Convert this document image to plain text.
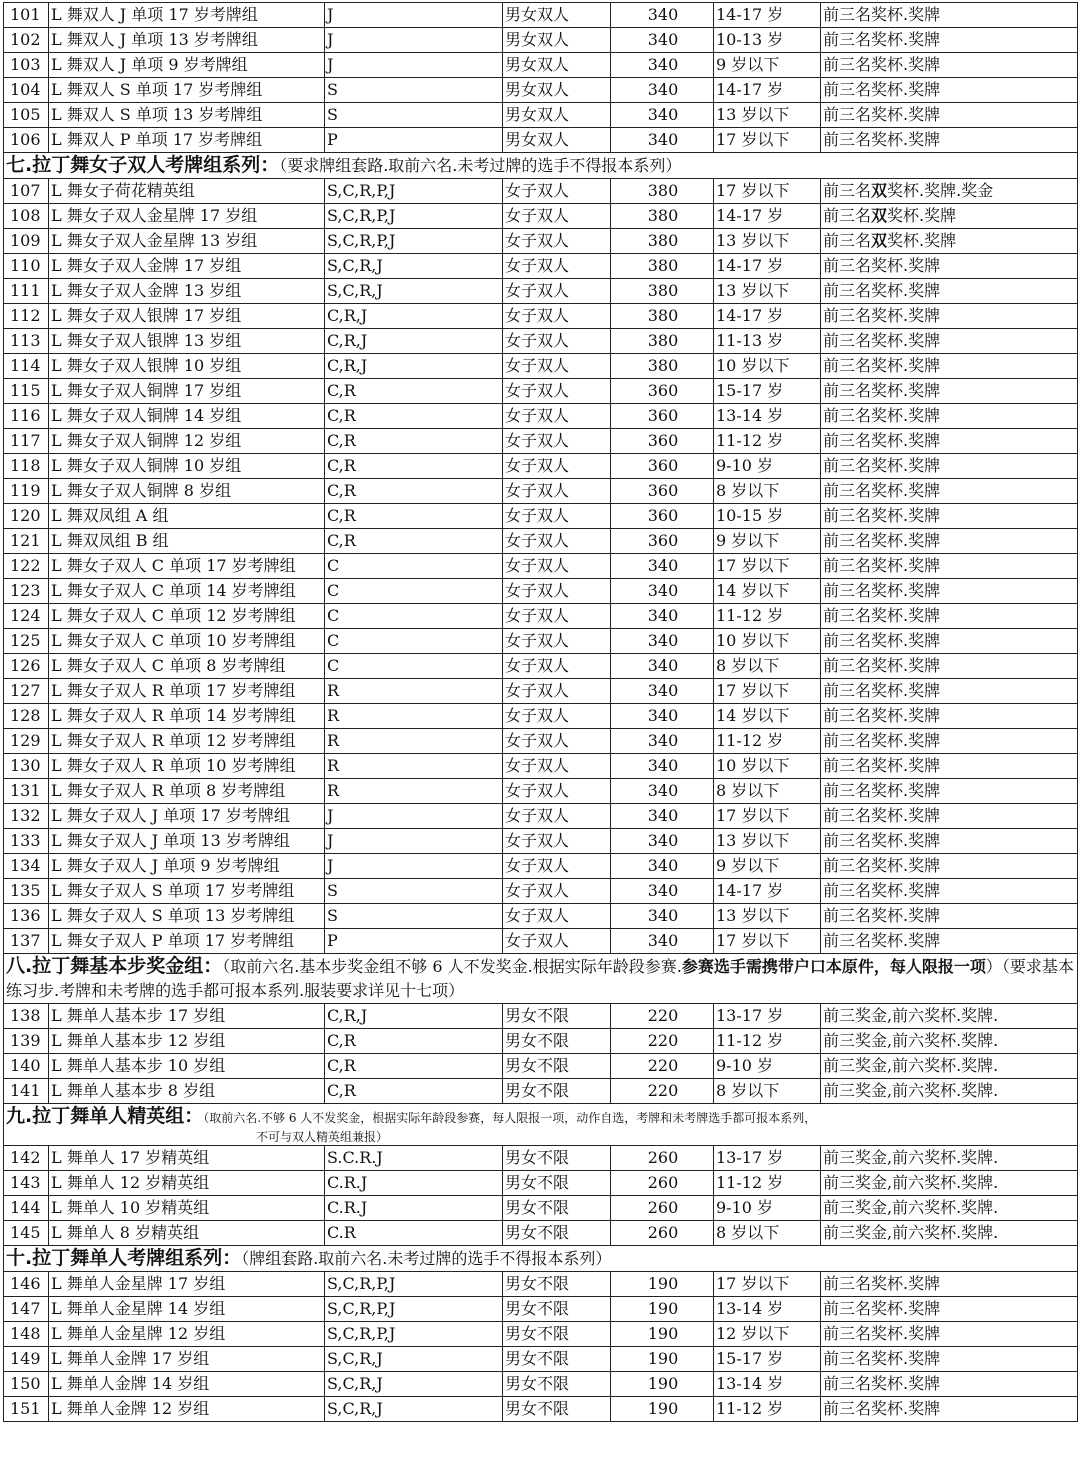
101	L 舞双人 J 单项 17 岁考牌组	J	男女双人	340	14-17 岁	前三名奖杯.奖牌
102	L 舞双人 J 单项 13 岁考牌组	J	男女双人	340	10-13 岁	前三名奖杯.奖牌
103	L 舞双人 J 单项 9 岁考牌组	J	男女双人	340	9 岁以下	前三名奖杯.奖牌
104	L 舞双人 S 单项 17 岁考牌组	S	男女双人	340	14-17 岁	前三名奖杯.奖牌
105	L 舞双人 S 单项 13 岁考牌组	S	男女双人	340	13 岁以下	前三名奖杯.奖牌
106	L 舞双人 P 单项 17 岁考牌组	P	男女双人	340	17 岁以下	前三名奖杯.奖牌
七.拉丁舞女子双人考牌组系列：（要求牌组套路.取前六名.未考过牌的选手不得报本系列）						
107	L 舞女子荷花精英组	S,C,R,P,J	女子双人	380	17 岁以下	前三名双奖杯.奖牌.奖金
108	L 舞女子双人金星牌 17 岁组	S,C,R,P,J	女子双人	380	14-17 岁	前三名双奖杯.奖牌
109	L 舞女子双人金星牌 13 岁组	S,C,R,P,J	女子双人	380	13 岁以下	前三名双奖杯.奖牌
110	L 舞女子双人金牌 17 岁组	S,C,R,J	女子双人	380	14-17 岁	前三名奖杯.奖牌
111	L 舞女子双人金牌 13 岁组	S,C,R,J	女子双人	380	13 岁以下	前三名奖杯.奖牌
112	L 舞女子双人银牌 17 岁组	C,R,J	女子双人	380	14-17 岁	前三名奖杯.奖牌
113	L 舞女子双人银牌 13 岁组	C,R,J	女子双人	380	11-13 岁	前三名奖杯.奖牌
114	L 舞女子双人银牌 10 岁组	C,R,J	女子双人	380	10 岁以下	前三名奖杯.奖牌
115	L 舞女子双人铜牌 17 岁组	C,R	女子双人	360	15-17 岁	前三名奖杯.奖牌
116	L 舞女子双人铜牌 14 岁组	C,R	女子双人	360	13-14 岁	前三名奖杯.奖牌
117	L 舞女子双人铜牌 12 岁组	C,R	女子双人	360	11-12 岁	前三名奖杯.奖牌
118	L 舞女子双人铜牌 10 岁组	C,R	女子双人	360	9-10 岁	前三名奖杯.奖牌
119	L 舞女子双人铜牌 8 岁组	C,R	女子双人	360	8 岁以下	前三名奖杯.奖牌
120	L 舞双凤组 A 组	C,R	女子双人	360	10-15 岁	前三名奖杯.奖牌
121	L 舞双凤组 B 组	C,R	女子双人	360	9 岁以下	前三名奖杯.奖牌
122	L 舞女子双人 C 单项 17 岁考牌组	C	女子双人	340	17 岁以下	前三名奖杯.奖牌
123	L 舞女子双人 C 单项 14 岁考牌组	C	女子双人	340	14 岁以下	前三名奖杯.奖牌
124	L 舞女子双人 C 单项 12 岁考牌组	C	女子双人	340	11-12 岁	前三名奖杯.奖牌
125	L 舞女子双人 C 单项 10 岁考牌组	C	女子双人	340	10 岁以下	前三名奖杯.奖牌
126	L 舞女子双人 C 单项 8 岁考牌组	C	女子双人	340	8 岁以下	前三名奖杯.奖牌
127	L 舞女子双人 R 单项 17 岁考牌组	R	女子双人	340	17 岁以下	前三名奖杯.奖牌
128	L 舞女子双人 R 单项 14 岁考牌组	R	女子双人	340	14 岁以下	前三名奖杯.奖牌
129	L 舞女子双人 R 单项 12 岁考牌组	R	女子双人	340	11-12 岁	前三名奖杯.奖牌
130	L 舞女子双人 R 单项 10 岁考牌组	R	女子双人	340	10 岁以下	前三名奖杯.奖牌
131	L 舞女子双人 R 单项 8 岁考牌组	R	女子双人	340	8 岁以下	前三名奖杯.奖牌
132	L 舞女子双人 J 单项 17 岁考牌组	J	女子双人	340	17 岁以下	前三名奖杯.奖牌
133	L 舞女子双人 J 单项 13 岁考牌组	J	女子双人	340	13 岁以下	前三名奖杯.奖牌
134	L 舞女子双人 J 单项 9 岁考牌组	J	女子双人	340	9 岁以下	前三名奖杯.奖牌
135	L 舞女子双人 S 单项 17 岁考牌组	S	女子双人	340	14-17 岁	前三名奖杯.奖牌
136	L 舞女子双人 S 单项 13 岁考牌组	S	女子双人	340	13 岁以下	前三名奖杯.奖牌
137	L 舞女子双人 P 单项 17 岁考牌组	P	女子双人	340	17 岁以下	前三名奖杯.奖牌
八.拉丁舞基本步奖金组：（取前六名.基本步奖金组不够 6 人不发奖金.根据实际年龄段参赛.参赛选手需携带户口本原件，每人限报一项）（要求基本练习步.考牌和未考牌的选手都可报本系列.服装要求详见十七项）						
138	L 舞单人基本步 17 岁组	C,R,J	男女不限	220	13-17 岁	前三奖金,前六奖杯.奖牌.
139	L 舞单人基本步 12 岁组	C,R	男女不限	220	11-12 岁	前三奖金,前六奖杯.奖牌.
140	L 舞单人基本步 10 岁组	C,R	男女不限	220	9-10 岁	前三奖金,前六奖杯.奖牌.
141	L 舞单人基本步 8 岁组	C,R	男女不限	220	8 岁以下	前三奖金,前六奖杯.奖牌.
九.拉丁舞单人精英组：（取前六名.不够 6 人不发奖金，根据实际年龄段参赛，每人限报一项，动作自选，考牌和未考牌选手都可报本系列，
不可与双人精英组兼报）						

142	L 舞单人 17 岁精英组	S.C.R.J	男女不限	260	13-17 岁	前三奖金,前六奖杯.奖牌.
143	L 舞单人 12 岁精英组	C.R.J	男女不限	260	11-12 岁	前三奖金,前六奖杯.奖牌.
144	L 舞单人 10 岁精英组	C.R.J	男女不限	260	9-10 岁	前三奖金,前六奖杯.奖牌.
145	L 舞单人 8 岁精英组	C.R	男女不限	260	8 岁以下	前三奖金,前六奖杯.奖牌.
十.拉丁舞单人考牌组系列：（牌组套路.取前六名.未考过牌的选手不得报本系列）						
146	L 舞单人金星牌 17 岁组	S,C,R,P,J	男女不限	190	17 岁以下	前三名奖杯.奖牌
147	L 舞单人金星牌 14 岁组	S,C,R,P,J	男女不限	190	13-14 岁	前三名奖杯.奖牌
148	L 舞单人金星牌 12 岁组	S,C,R,P,J	男女不限	190	12 岁以下	前三名奖杯.奖牌
149	L 舞单人金牌 17 岁组	S,C,R,J	男女不限	190	15-17 岁	前三名奖杯.奖牌
150	L 舞单人金牌 14 岁组	S,C,R,J	男女不限	190	13-14 岁	前三名奖杯.奖牌
151	L 舞单人金牌 12 岁组	S,C,R,J	男女不限	190	11-12 岁	前三名奖杯.奖牌
